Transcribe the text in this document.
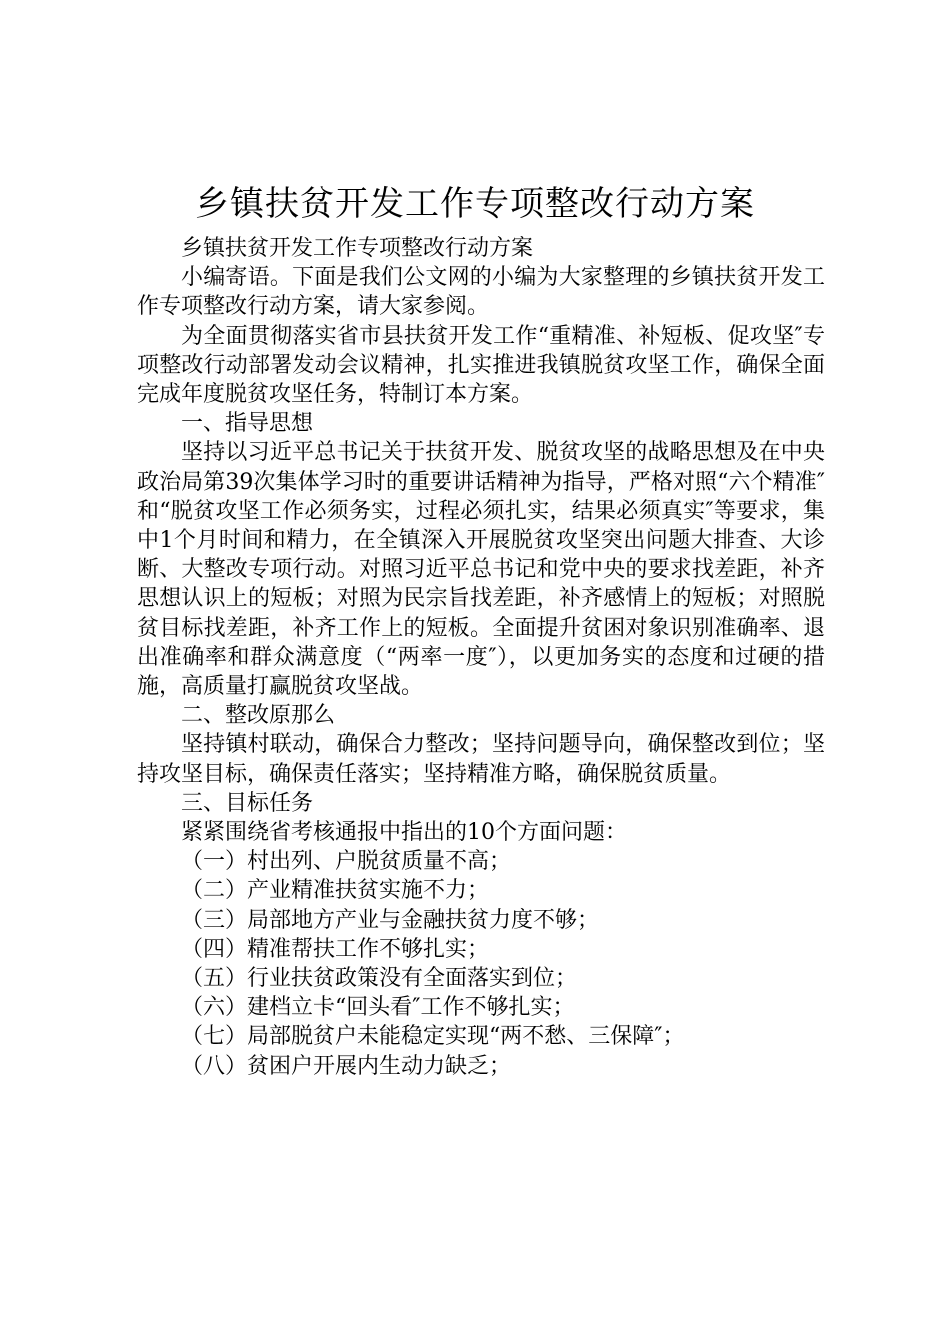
乡镇扶贫开发工作专项整改行动方案

乡镇扶贫开发工作专项整改行动方案

小编寄语。下面是我们公文网的小编为大家整理的乡镇扶贫开发工作专项整改行动方案，请大家参阅。

为全面贯彻落实省市县扶贫开发工作“重精准、补短板、促攻坚″专项整改行动部署发动会议精神，扎实推进我镇脱贫攻坚工作，确保全面完成年度脱贫攻坚任务，特制订本方案。

一、指导思想

坚持以习近平总书记关于扶贫开发、脱贫攻坚的战略思想及在中央政治局第39次集体学习时的重要讲话精神为指导，严格对照“六个精准″和“脱贫攻坚工作必须务实，过程必须扎实，结果必须真实″等要求，集中1个月时间和精力，在全镇深入开展脱贫攻坚突出问题大排查、大诊断、大整改专项行动。对照习近平总书记和党中央的要求找差距，补齐思想认识上的短板；对照为民宗旨找差距，补齐感情上的短板；对照脱贫目标找差距，补齐工作上的短板。全面提升贫困对象识别准确率、退出准确率和群众满意度（“两率一度″），以更加务实的态度和过硬的措施，高质量打赢脱贫攻坚战。

二、整改原那么

坚持镇村联动，确保合力整改；坚持问题导向，确保整改到位；坚持攻坚目标，确保责任落实；坚持精准方略，确保脱贫质量。

三、目标任务

紧紧围绕省考核通报中指出的10个方面问题：

（一）村出列、户脱贫质量不高；

（二）产业精准扶贫实施不力；

（三）局部地方产业与金融扶贫力度不够；

（四）精准帮扶工作不够扎实；

（五）行业扶贫政策没有全面落实到位；

（六）建档立卡“回头看″工作不够扎实；

（七）局部脱贫户未能稳定实现“两不愁、三保障″；

（八）贫困户开展内生动力缺乏；
